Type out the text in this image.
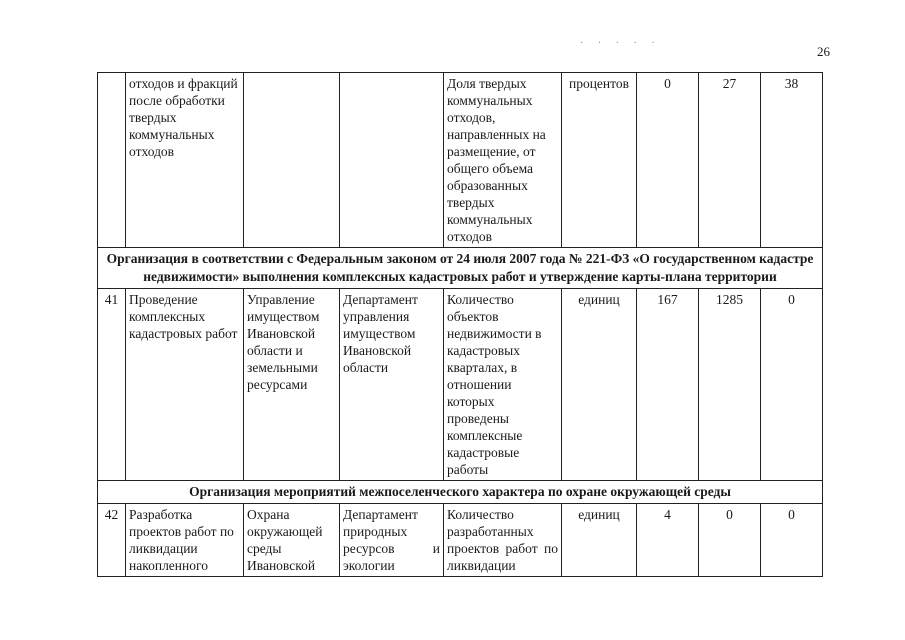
· · · · ·
26
	отходов и фракций после обработки твердых коммунальных отходов			Доля твердых коммунальных отходов, направленных на размещение, от общего объема образованных твердых коммунальных отходов	процентов	0	27	38
Организация в соответствии с Федеральным законом от 24 июля 2007 года № 221-ФЗ «О государственном кадастре недвижимости» выполнения комплексных кадастровых работ и утверждение карты-плана территории								
41	Проведение комплексных кадастровых работ	Управление имуществом Ивановской области и земельными ресурсами	Департамент управления имуществом Ивановской области	Количество объектов недвижимости в кадастровых кварталах, в отношении которых проведены комплексные кадастровые работы	единиц	167	1285	0
Организация мероприятий межпоселенческого характера по охране окружающей среды								
42	Разработка проектов работ по ликвидации накопленного	Охрана окружающей среды Ивановской	Департамент природных ресурсов и экологии	Количество разработанных проектов работ по ликвидации	единиц	4	0	0
